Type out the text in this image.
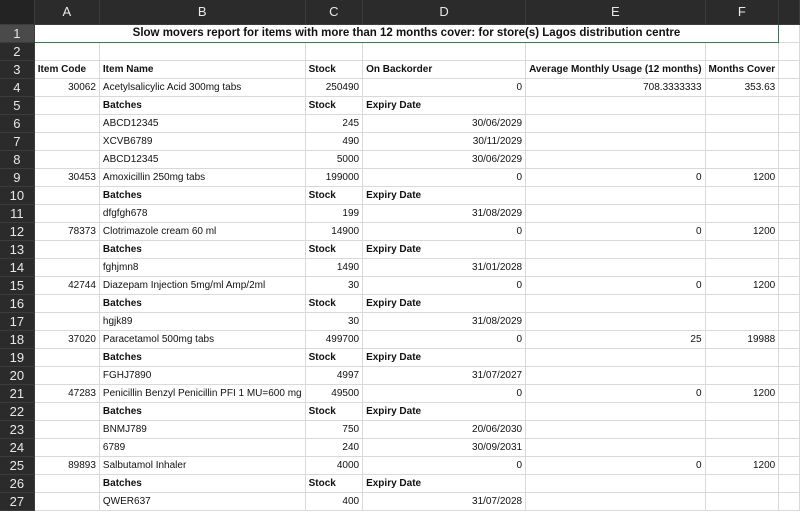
	A	B	C	D	E	F	
1	Slow movers report for items with more than 12 months cover: for store(s) Lagos distribution centre						
2							
3	Item Code	Item Name	Stock	On Backorder	Average Monthly Usage (12 months)	Months Cover	
4	30062	Acetylsalicylic Acid 300mg tabs	250490	0	708.3333333	353.63	
5		Batches	Stock	Expiry Date			
6		ABCD12345	245	30/06/2029			
7		XCVB6789	490	30/11/2029			
8		ABCD12345	5000	30/06/2029			
9	30453	Amoxicillin 250mg tabs	199000	0	0	1200	
10		Batches	Stock	Expiry Date			
11		dfgfgh678	199	31/08/2029			
12	78373	Clotrimazole cream 60 ml	14900	0	0	1200	
13		Batches	Stock	Expiry Date			
14		fghjmn8	1490	31/01/2028			
15	42744	Diazepam Injection 5mg/ml Amp/2ml	30	0	0	1200	
16		Batches	Stock	Expiry Date			
17		hgjk89	30	31/08/2029			
18	37020	Paracetamol 500mg tabs	499700	0	25	19988	
19		Batches	Stock	Expiry Date			
20		FGHJ7890	4997	31/07/2027			
21	47283	Penicillin Benzyl Penicillin PFI 1 MU=600 mg	49500	0	0	1200	
22		Batches	Stock	Expiry Date			
23		BNMJ789	750	20/06/2030			
24		6789	240	30/09/2031			
25	89893	Salbutamol Inhaler	4000	0	0	1200	
26		Batches	Stock	Expiry Date			
27		QWER637	400	31/07/2028			
